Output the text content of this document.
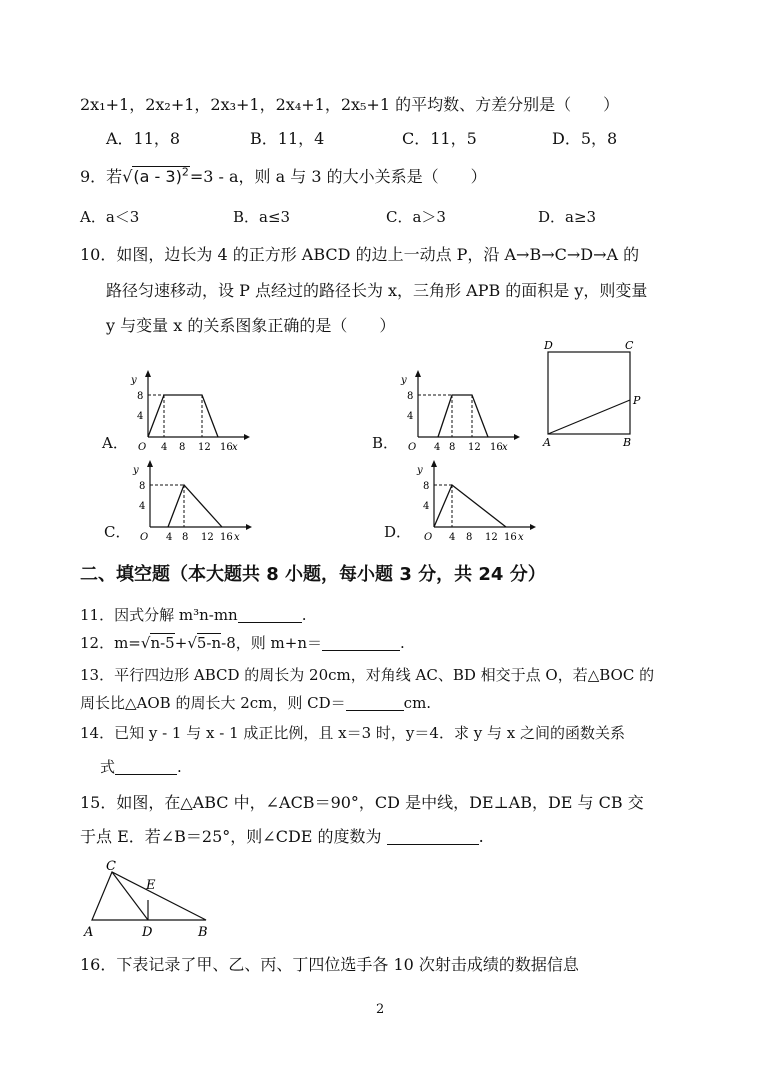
2x₁+1，2x₂+1，2x₃+1，2x₄+1，2x₅+1 的平均数、方差分别是（　　）
A．11，8	B．11，4	C．11，5	D．5，8
9．若√(a - 3)$^2$=3 - a，则 a 与 3 的大小关系是（　　）
A．a＜3	B．a≤3	C．a＞3	D．a≥3
10．如图，边长为 4 的正方形 ABCD 的边上一动点 P，沿 A→B→C→D→A 的
路径匀速移动，设 P 点经过的路径长为 x，三角形 APB 的面积是 y，则变量
y 与变量 x 的关系图象正确的是（　　）
A．	B．
C．	D．
y
8
4
O 4 8 12 16 x
y
8
4
O 4 8 12 16 x
y
8
4
O 4 8 12 16 x
y
8
4
O 4 8 12 16 x
D	C
P
A	B
二、填空题（本大题共 8 小题，每小题 3 分，共 24 分）
11．因式分解 m³n-mn	.
12．m=√n-5+√5-n-8，则 m+n＝	.
13．平行四边形 ABCD 的周长为 20cm，对角线 AC、BD 相交于点 O，若△BOC 的
周长比△AOB 的周长大 2cm，则 CD＝	cm.
14．已知 y - 1 与 x - 1 成正比例，且 x＝3 时，y＝4．求 y 与 x 之间的函数关系
式	.
15．如图，在△ABC 中，∠ACB＝90°，CD 是中线，DE⊥AB，DE 与 CB 交
于点 E．若∠B＝25°，则∠CDE 的度数为	.
C
E
A	D	B
16．下表记录了甲、乙、丙、丁四位选手各 10 次射击成绩的数据信息
2
